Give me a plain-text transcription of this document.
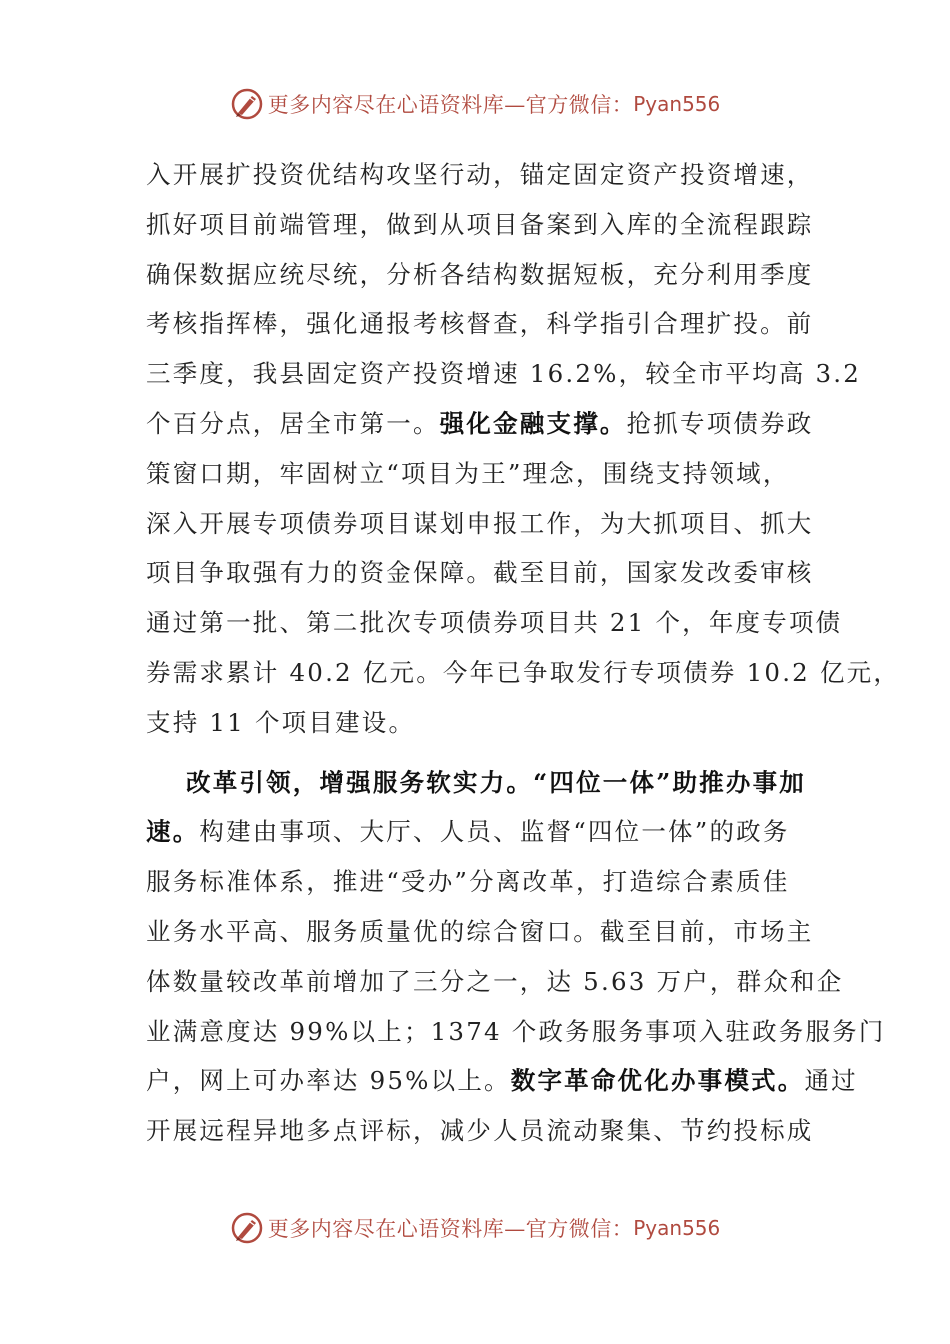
更多内容尽在心语资料库—官方微信： Pyan556

入开展扩投资优结构攻坚行动，锚定固定资产投资增速，
抓好项目前端管理，做到从项目备案到入库的全流程跟踪
确保数据应统尽统，分析各结构数据短板，充分利用季度
考核指挥棒，强化通报考核督查，科学指引合理扩投。前
三季度，我县固定资产投资增速 16.2%，较全市平均高 3.2
个百分点，居全市第一。强化金融支撑。抢抓专项债券政
策窗口期，牢固树立“项目为王”理念，围绕支持领域，
深入开展专项债券项目谋划申报工作，为大抓项目、抓大
项目争取强有力的资金保障。截至目前，国家发改委审核
通过第一批、第二批次专项债券项目共 21 个，年度专项债
券需求累计 40.2 亿元。今年已争取发行专项债券 10.2 亿元，
支持 11 个项目建设。

改革引领，增强服务软实力。“四位一体”助推办事加
速。构建由事项、大厅、人员、监督“四位一体”的政务
服务标准体系，推进“受办”分离改革，打造综合素质佳
业务水平高、服务质量优的综合窗口。截至目前，市场主
体数量较改革前增加了三分之一，达 5.63 万户，群众和企
业满意度达 99%以上；1374 个政务服务事项入驻政务服务门
户，网上可办率达 95%以上。数字革命优化办事模式。通过
开展远程异地多点评标，减少人员流动聚集、节约投标成

更多内容尽在心语资料库—官方微信： Pyan556
